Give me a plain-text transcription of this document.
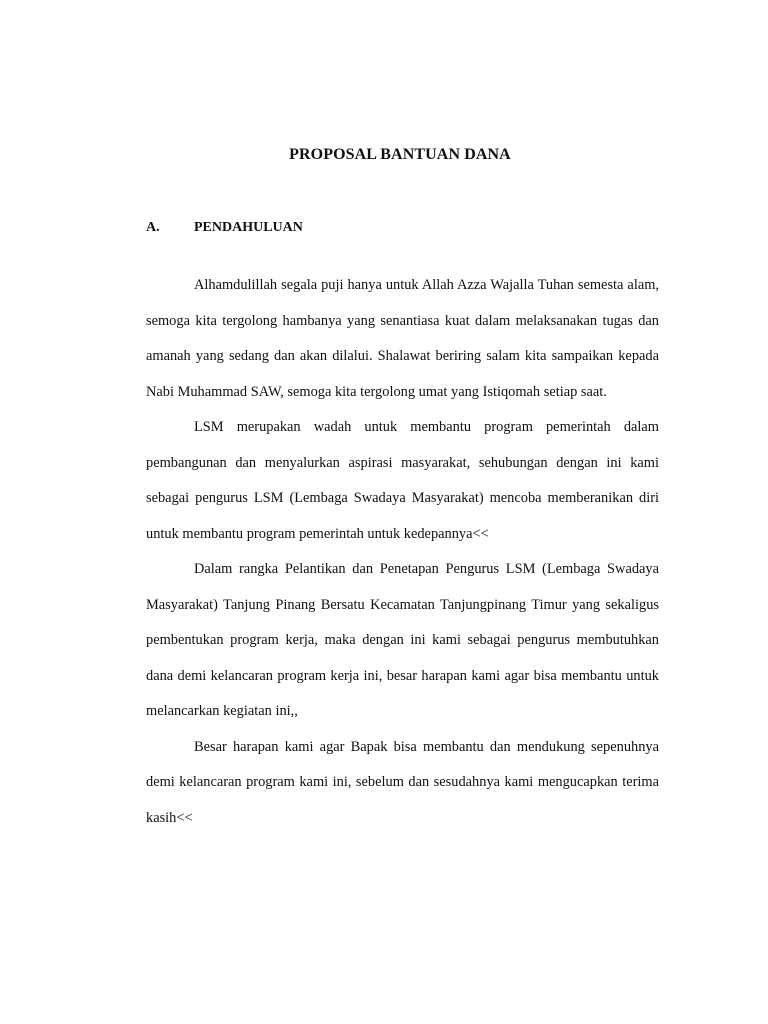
PROPOSAL BANTUAN DANA
A.	PENDAHULUAN

Alhamdulillah segala puji hanya untuk Allah Azza Wajalla Tuhan semesta alam, semoga kita tergolong hambanya yang senantiasa kuat dalam melaksanakan tugas dan amanah yang sedang dan akan dilalui. Shalawat beriring salam kita sampaikan kepada Nabi Muhammad SAW, semoga kita tergolong umat yang Istiqomah setiap saat.

LSM merupakan wadah untuk membantu program pemerintah dalam pembangunan dan menyalurkan aspirasi masyarakat, sehubungan dengan ini kami sebagai pengurus LSM (Lembaga Swadaya Masyarakat) mencoba memberanikan diri untuk membantu program pemerintah untuk kedepannya<<

Dalam rangka Pelantikan dan Penetapan Pengurus LSM (Lembaga Swadaya Masyarakat) Tanjung Pinang Bersatu Kecamatan Tanjungpinang Timur yang sekaligus pembentukan program kerja, maka dengan ini kami sebagai pengurus membutuhkan dana demi kelancaran program kerja ini, besar harapan kami agar bisa membantu untuk melancarkan kegiatan ini,,

Besar harapan kami agar Bapak bisa membantu dan mendukung sepenuhnya demi kelancaran program kami ini, sebelum dan sesudahnya kami mengucapkan terima kasih<<
